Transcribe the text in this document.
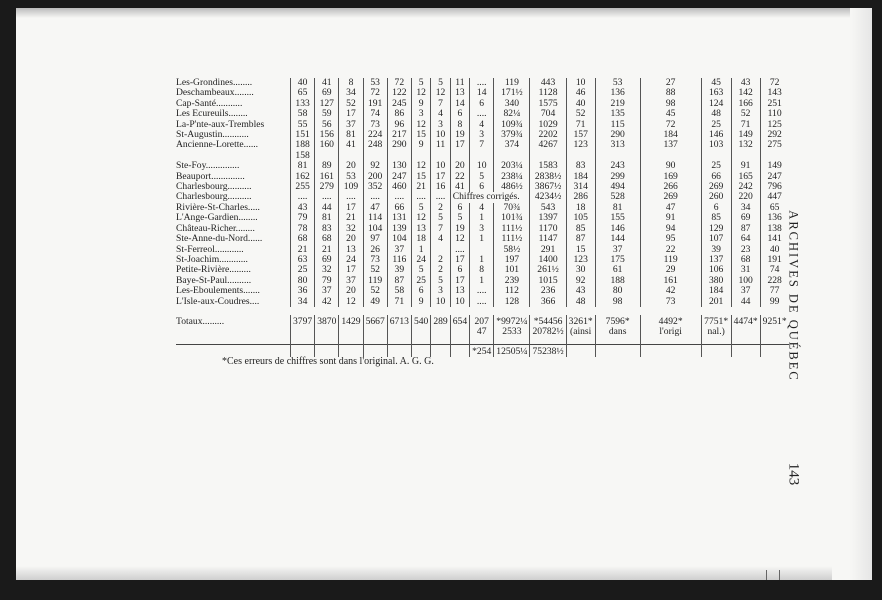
Les-Grondines........	40	41	8	53	72	5	5	11	....	119	443	10	53	27	45	43	72
Deschambeaux........	65	69	34	72	122	12	12	13	14	171½	1128	46	136	88	163	142	143
Cap-Santé...........	133	127	52	191	245	9	7	14	6	340	1575	40	219	98	124	166	251
Les Ecureuils........	58	59	17	74	86	3	4	6	....	82¼	704	52	135	45	48	52	110
La-P'nte-aux-Trembles	55	56	37	73	96	12	3	8	4	109¾	1029	71	115	72	25	71	125
St-Augustin...........	151	156	81	224	217	15	10	19	3	379¾	2202	157	290	184	146	149	292
Ancienne-Lorette......	188	160	41	248	290	9	11	17	7	374	4267	123	313	137	103	132	275
	158																
Ste-Foy..............	81	89	20	92	130	12	10	20	10	203¼	1583	83	243	90	25	91	149
Beauport..............	162	161	53	200	247	15	17	22	5	238¼	2838½	184	299	169	66	165	247
Charlesbourg..........	255	279	109	352	460	21	16	41	6	486½	3867½	314	494	266	269	242	796
Charlesbourg..........	....	....	....	....	....	....	....	Chiffres corrigés.			4234½	286	528	269	260	220	447
Rivière-St-Charles.....	43	44	17	47	66	5	2	6	4	70¾	543	18	81	47	6	34	65
L'Ange-Gardien........	79	81	21	114	131	12	5	5	1	101¾	1397	105	155	91	85	69	136
Château-Richer........	78	83	32	104	139	13	7	19	3	111½	1170	85	146	94	129	87	138
Ste-Anne-du-Nord......	68	68	20	97	104	18	4	12	1	111½	1147	87	144	95	107	64	141
St-Ferreol............	21	21	13	26	37	1		....		58½	291	15	37	22	39	23	40
St-Joachim............	63	69	24	73	116	24	2	17	1	197	1400	123	175	119	137	68	191
Petite-Rivière.........	25	32	17	52	39	5	2	6	8	101	261½	30	61	29	106	31	74
Baye-St-Paul..........	80	79	37	119	87	25	5	17	1	239	1015	92	188	161	380	100	228
Les-Eboulements.......	36	37	20	52	58	6	3	13	....	112	236	43	80	42	184	37	77
L'Isle-aux-Coudres....	34	42	12	49	71	9	10	10	....	128	366	48	98	73	201	44	99

Totaux.........	3797	3870	1429	5667	6713	540	289	654	207	*9972¼	*54456	3261*	7596*	4492*	7751*	4474*	9251*
									47	2533	20782½	(ainsi	dans	l'origi	nal.)		
									*254	12505¼	75238½						
*Ces erreurs de chiffres sont dans l'original. A. G. G.	ARCHIVES DE QUÉBEC
143
